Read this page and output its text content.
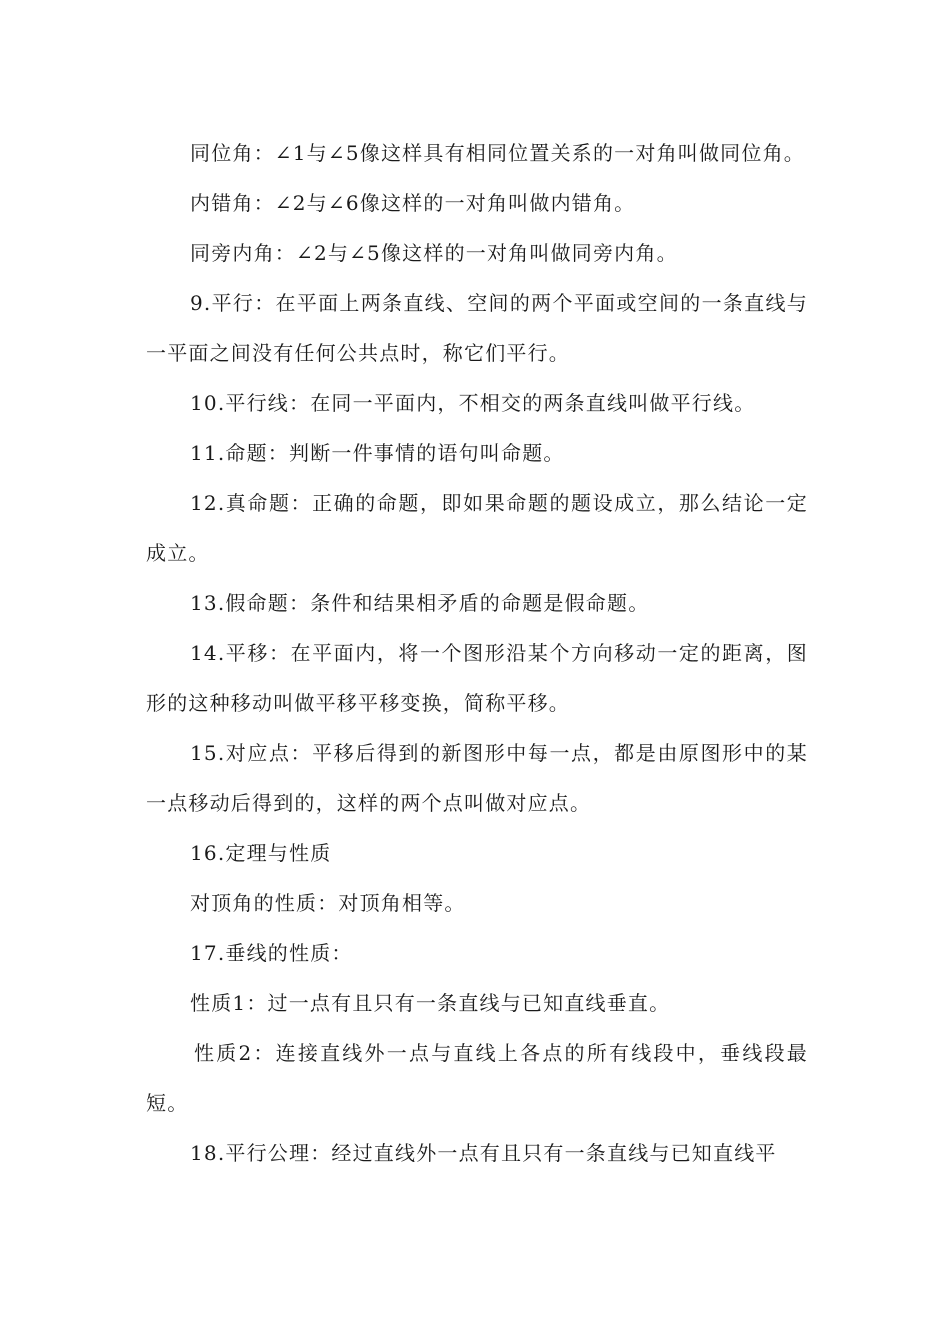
同位角：∠1与∠5像这样具有相同位置关系的一对角叫做同位角。

内错角：∠2与∠6像这样的一对角叫做内错角。

同旁内角：∠2与∠5像这样的一对角叫做同旁内角。

9.平行：在平面上两条直线、空间的两个平面或空间的一条直线与一平面之间没有任何公共点时，称它们平行。

10.平行线：在同一平面内，不相交的两条直线叫做平行线。

11.命题：判断一件事情的语句叫命题。

12.真命题：正确的命题，即如果命题的题设成立，那么结论一定成立。

13.假命题：条件和结果相矛盾的命题是假命题。

14.平移：在平面内，将一个图形沿某个方向移动一定的距离，图形的这种移动叫做平移平移变换，简称平移。

15.对应点：平移后得到的新图形中每一点，都是由原图形中的某一点移动后得到的，这样的两个点叫做对应点。

16.定理与性质

对顶角的性质：对顶角相等。

17.垂线的性质：

性质1：过一点有且只有一条直线与已知直线垂直。

性质2：连接直线外一点与直线上各点的所有线段中，垂线段最短。

18.平行公理：经过直线外一点有且只有一条直线与已知直线平
